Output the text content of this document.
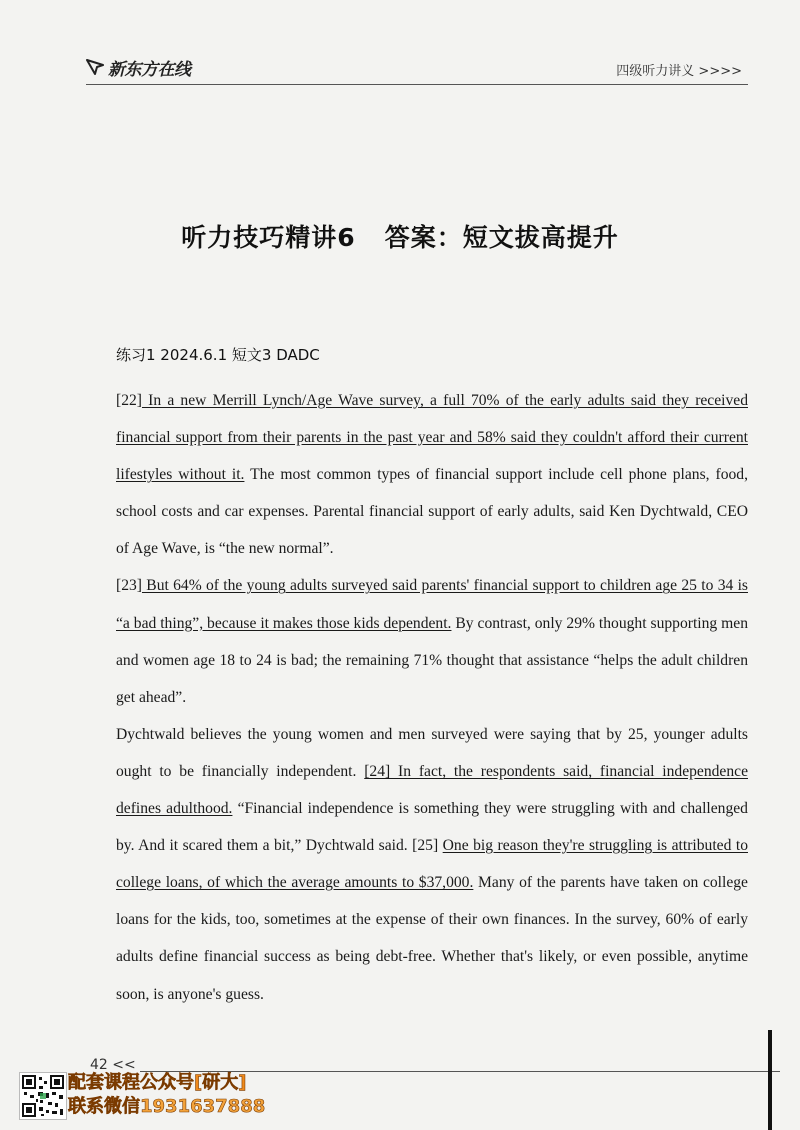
新东方在线	四级听力讲义 >>>>
听力技巧精讲6   答案：短文拔高提升
练习1 2024.6.1 短文3 DADC

[22] In a new Merrill Lynch/Age Wave survey, a full 70% of the early adults said they received financial support from their parents in the past year and 58% said they couldn't afford their current lifestyles without it. The most common types of financial support include cell phone plans, food, school costs and car expenses. Parental financial support of early adults, said Ken Dychtwald, CEO of Age Wave, is “the new normal”.

[23] But 64% of the young adults surveyed said parents' financial support to children age 25 to 34 is “a bad thing”, because it makes those kids dependent. By contrast, only 29% thought supporting men and women age 18 to 24 is bad; the remaining 71% thought that assistance “helps the adult children get ahead”.

Dychtwald believes the young women and men surveyed were saying that by 25, younger adults ought to be financially independent. [24] In fact, the respondents said, financial independence defines adulthood. “Financial independence is something they were struggling with and challenged by. And it scared them a bit,” Dychtwald said. [25] One big reason they're struggling is attributed to college loans, of which the average amounts to $37,000. Many of the parents have taken on college loans for the kids, too, sometimes at the expense of their own finances. In the survey, 60% of early adults define financial success as being debt-free. Whether that's likely, or even possible, anytime soon, is anyone's guess.

42 <<
配套课程公众号[研大]
联系微信1931637888
